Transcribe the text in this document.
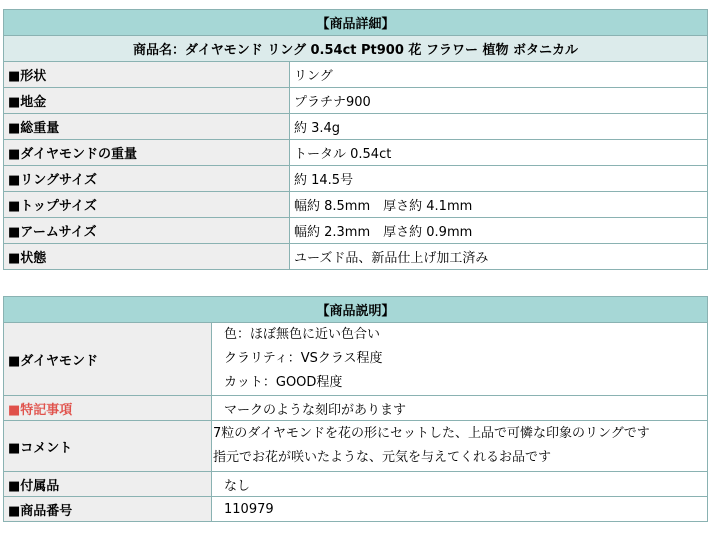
【商品詳細】	
商品名：ダイヤモンド リング 0.54ct Pt900 花 フラワー 植物 ボタニカル	
■形状	リング
■地金	プラチナ900
■総重量	約 3.4g
■ダイヤモンドの重量	トータル 0.54ct
■リングサイズ	約 14.5号
■トップサイズ	幅約 8.5mm　厚さ約 4.1mm
■アームサイズ	幅約 2.3mm　厚さ約 0.9mm
■状態	ユーズド品、新品仕上げ加工済み
【商品説明】	
■ダイヤモンド	色：ほぼ無色に近い色合い
クラリティ：VSクラス程度
カット：GOOD程度

■特記事項	マークのような刻印があります
■コメント	7粒のダイヤモンドを花の形にセットした、上品で可憐な印象のリングです
指元でお花が咲いたような、元気を与えてくれるお品です

■付属品	なし
■商品番号	110979
